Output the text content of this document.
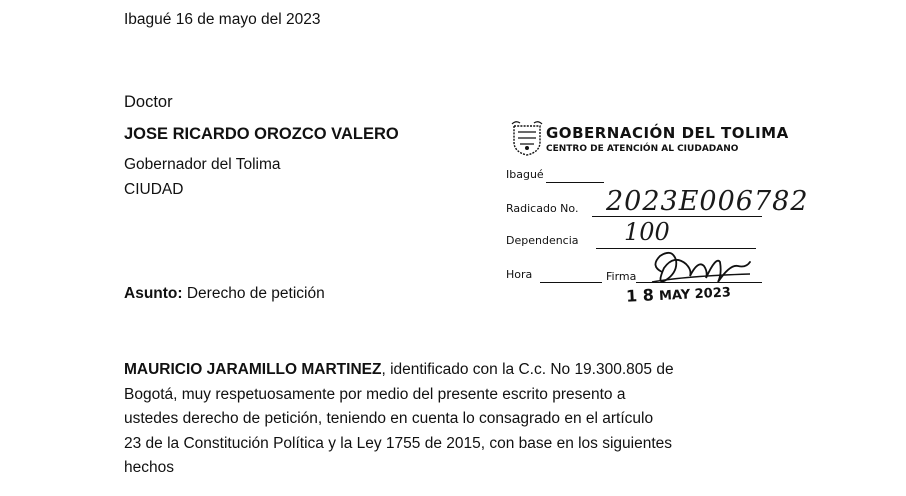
Ibagué 16 de mayo del 2023
Doctor
JOSE RICARDO OROZCO VALERO
Gobernador del Tolima
CIUDAD
Asunto: Derecho de petición
GOBERNACIÓN DEL TOLIMA
CENTRO DE ATENCIÓN AL CIUDADANO
Ibagué
Radicado No. 2023E006782
Dependencia 100
Hora	Firma
1 8 MAY 2023
MAURICIO JARAMILLO MARTINEZ, identificado con la C.c. No 19.300.805 de
Bogotá, muy respetuosamente por medio del presente escrito presento a
ustedes derecho de petición, teniendo en cuenta lo consagrado en el artículo
23 de la Constitución Política y la Ley 1755 de 2015, con base en los siguientes
hechos
